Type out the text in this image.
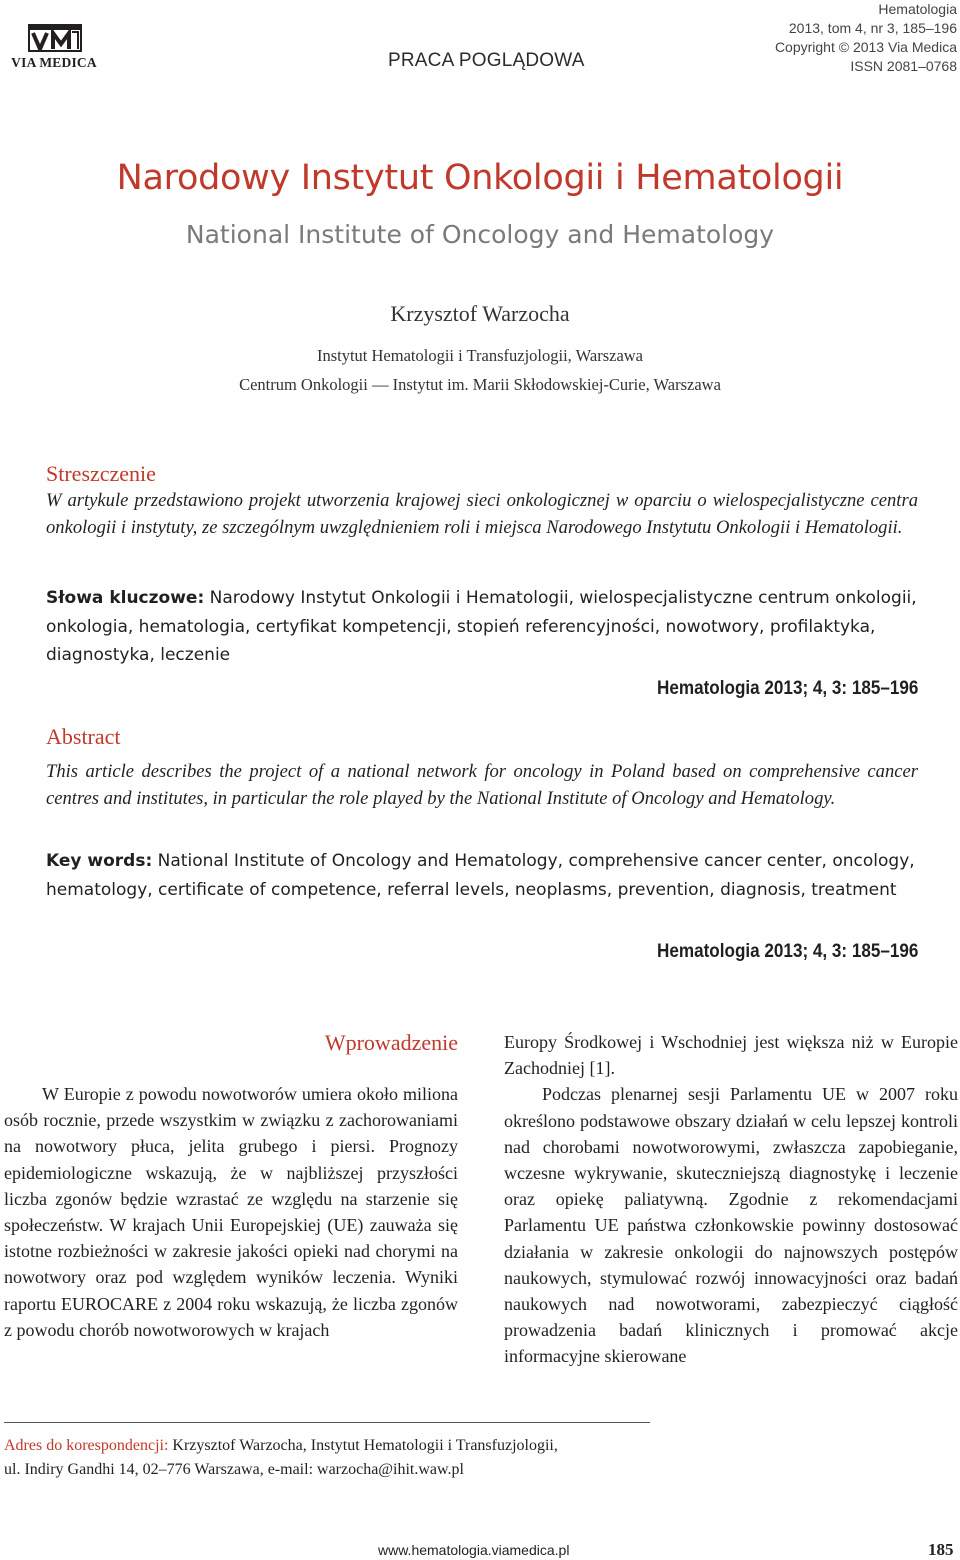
VIA MEDICA	PRACA POGLĄDOWA
Hematologia
2013, tom 4, nr 3, 185–196
Copyright © 2013 Via Medica
ISSN 2081–0768
Narodowy Instytut Onkologii i Hematologii
National Institute of Oncology and Hematology
Krzysztof Warzocha
Instytut Hematologii i Transfuzjologii, Warszawa
Centrum Onkologii — Instytut im. Marii Skłodowskiej-Curie, Warszawa
Streszczenie
W artykule przedstawiono projekt utworzenia krajowej sieci onkologicznej w oparciu o wielospecjalistyczne centra onkologii i instytuty, ze szczególnym uwzględnieniem roli i miejsca Narodowego Instytutu Onkologii i Hematologii.
Słowa kluczowe: Narodowy Instytut Onkologii i Hematologii, wielospecjalistyczne centrum onkologii, onkologia, hematologia, certyfikat kompetencji, stopień referencyjności, nowotwory, profilaktyka, diagnostyka, leczenie
Hematologia 2013; 4, 3: 185–196
Abstract
This article describes the project of a national network for oncology in Poland based on comprehensive cancer centres and institutes, in particular the role played by the National Institute of Oncology and Hematology.
Key words: National Institute of Oncology and Hematology, comprehensive cancer center, oncology, hematology, certificate of competence, referral levels, neoplasms, prevention, diagnosis, treatment
Hematologia 2013; 4, 3: 185–196
Wprowadzenie

W Europie z powodu nowotworów umiera około miliona osób rocznie, przede wszystkim w związku z zachorowaniami na nowotwory płuca, jelita grubego i piersi. Prognozy epidemiologiczne wskazują, że w najbliższej przyszłości liczba zgonów będzie wzrastać ze względu na starzenie się społeczeństw. W krajach Unii Europejskiej (UE) zauważa się istotne rozbieżności w zakresie jakości opieki nad chorymi na nowotwory oraz pod względem wyników leczenia. Wyniki raportu EUROCARE z 2004 roku wskazują, że liczba zgonów z powodu chorób nowotworowych w krajach

Europy Środkowej i Wschodniej jest większa niż w Europie Zachodniej [1].

Podczas plenarnej sesji Parlamentu UE w 2007 roku określono podstawowe obszary działań w celu lepszej kontroli nad chorobami nowotworowymi, zwłaszcza zapobieganie, wczesne wykrywanie, skuteczniejszą diagnostykę i leczenie oraz opiekę paliatywną. Zgodnie z rekomendacjami Parlamentu UE państwa członkowskie powinny dostosować działania w zakresie onkologii do najnowszych postępów naukowych, stymulować rozwój innowacyjności oraz badań naukowych nad nowotworami, zabezpieczyć ciągłość prowadzenia badań klinicznych i promować akcje informacyjne skierowane

Adres do korespondencji: Krzysztof Warzocha, Instytut Hematologii i Transfuzjologii,
ul. Indiry Gandhi 14, 02–776 Warszawa, e-mail: warzocha@ihit.waw.pl
www.hematologia.viamedica.pl	185
